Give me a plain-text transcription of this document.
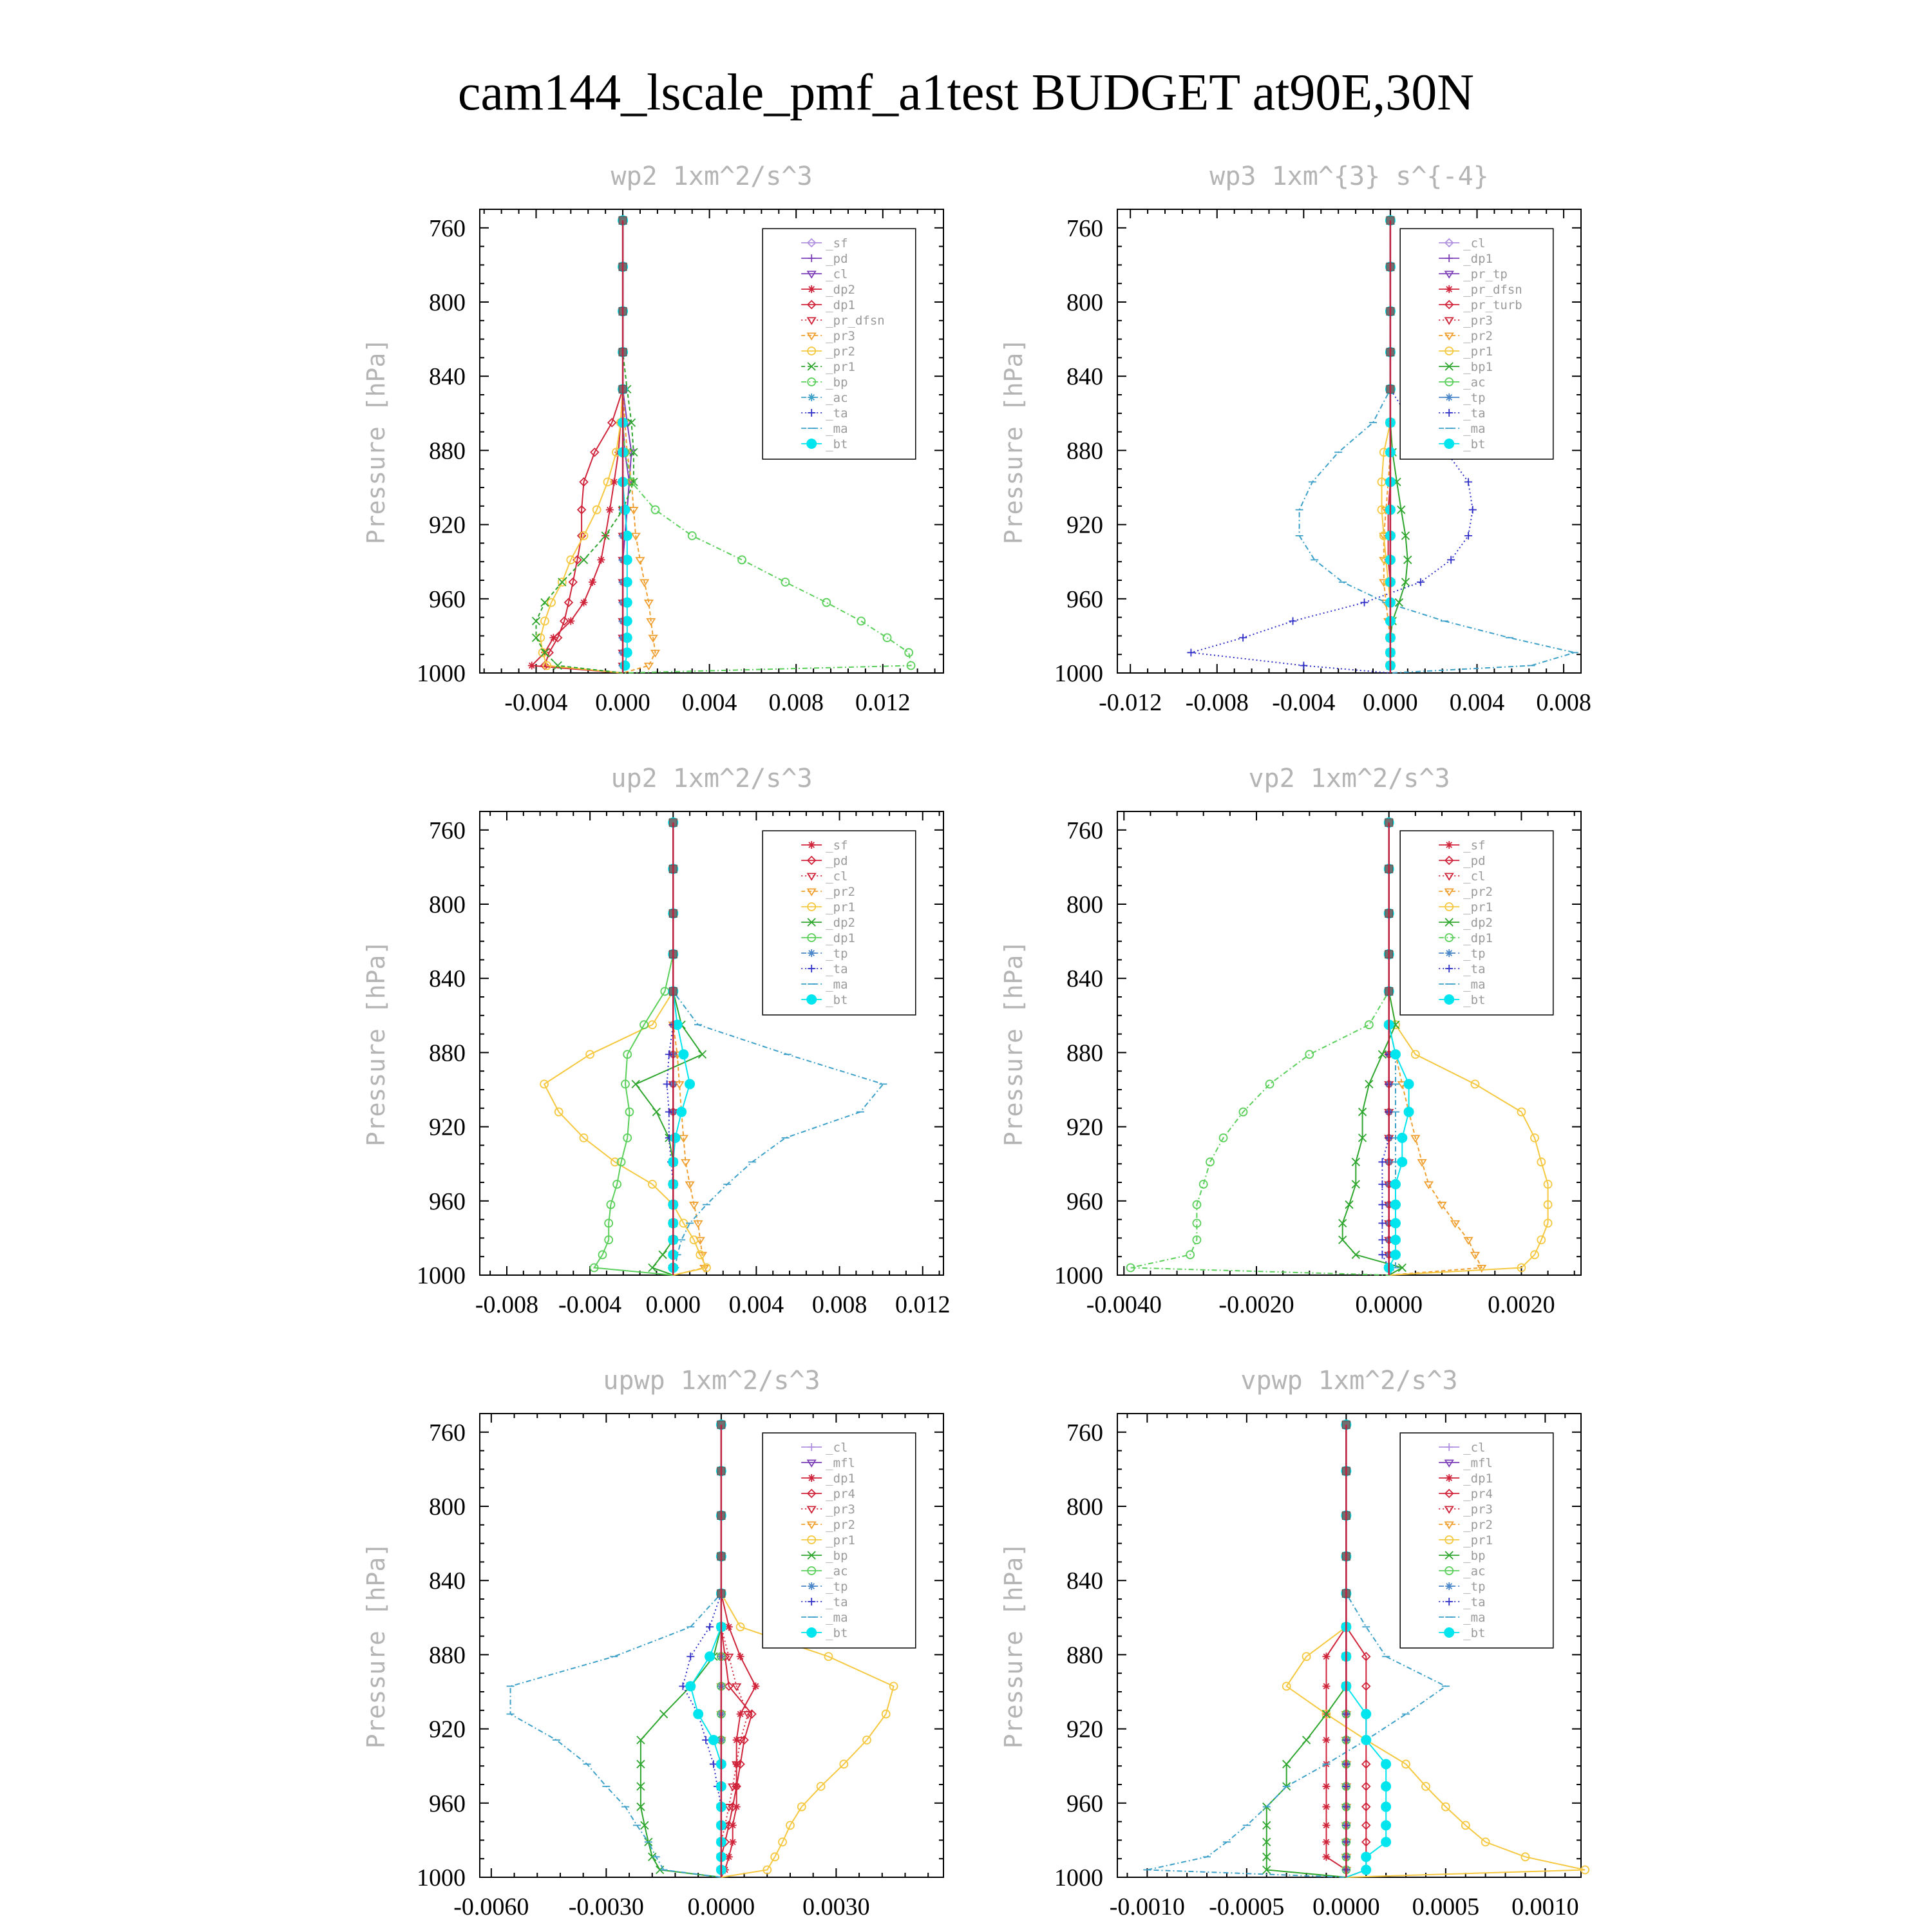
cam144_lscale_pmf_a1test BUDGET at90E,30N
760
800
840
880
920
960
1000
-0.004 0.000 0.004 0.008 0.012
wp2 1xm^2/s^3
Pressure [hPa]
_sf
_pd
_cl
_dp2
_dp1
_pr_dfsn
_pr3
_pr2
_pr1
_bp
_ac
_ta
_ma
_bt
760
800
840
880
920
960
1000
-0.012 -0.008 -0.004 0.000 0.004 0.008
wp3 1xm^{3} s^{-4}
Pressure [hPa]
_cl
_dp1
_pr_tp
_pr_dfsn
_pr_turb
_pr3
_pr2
_pr1
_bp1
_ac
_tp
_ta
_ma
_bt
760
800
840
880
920
960
1000
-0.008 -0.004 0.000 0.004 0.008 0.012
up2 1xm^2/s^3
Pressure [hPa]
_sf
_pd
_cl
_pr2
_pr1
_dp2
_dp1
_tp
_ta
_ma
_bt
760
800
840
880
920
960
1000
-0.0040 -0.0020 0.0000	0.0020
vp2 1xm^2/s^3
Pressure [hPa]
_sf
_pd
_cl
_pr2
_pr1
_dp2
_dp1
_tp
_ta
_ma
_bt
760
800
840
880
920
960
1000
-0.0060 -0.0030 0.0000 0.0030
upwp 1xm^2/s^3
Pressure [hPa]
_cl
_mfl
_dp1
_pr4
_pr3
_pr2
_pr1
_bp
_ac
_tp
_ta
_ma
_bt
760
800
840
880
920
960
1000
-0.0010 -0.0005 0.0000 0.0005 0.0010
vpwp 1xm^2/s^3
Pressure [hPa]
_cl
_mfl
_dp1
_pr4
_pr3
_pr2
_pr1
_bp
_ac
_tp
_ta
_ma
_bt
